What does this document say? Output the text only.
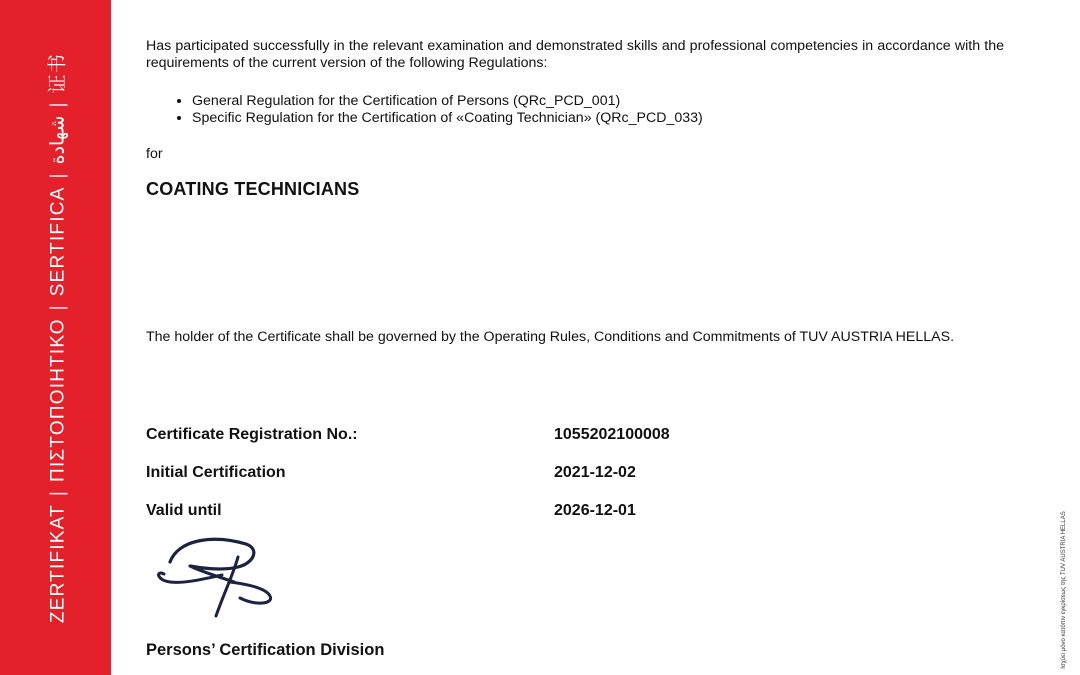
ZERTIFIKAT|ΠΙΣΤΟΠΟΙΗΤΙΚΟ|SERTIFICA|شهادة|证书

Has participated successfully in the relevant examination and demonstrated skills and professional competencies in accordance with the requirements of the current version of the following Regulations:

• General Regulation for the Certification of Persons (QRc_PCD_001)
• Specific Regulation for the Certification of «Coating Technician» (QRc_PCD_033)

for

COATING TECHNICIANS

The holder of the Certificate shall be governed by the Operating Rules, Conditions and Commitments of TUV AUSTRIA HELLAS.

Certificate Registration No.:	1055202100008
Initial Certification	2021-12-02
Valid until	2026-12-01

Persons’ Certification Division	Ισχύει μόνο κατόπιν εγκρίσεως της TUV AUSTRIA HELLAS
